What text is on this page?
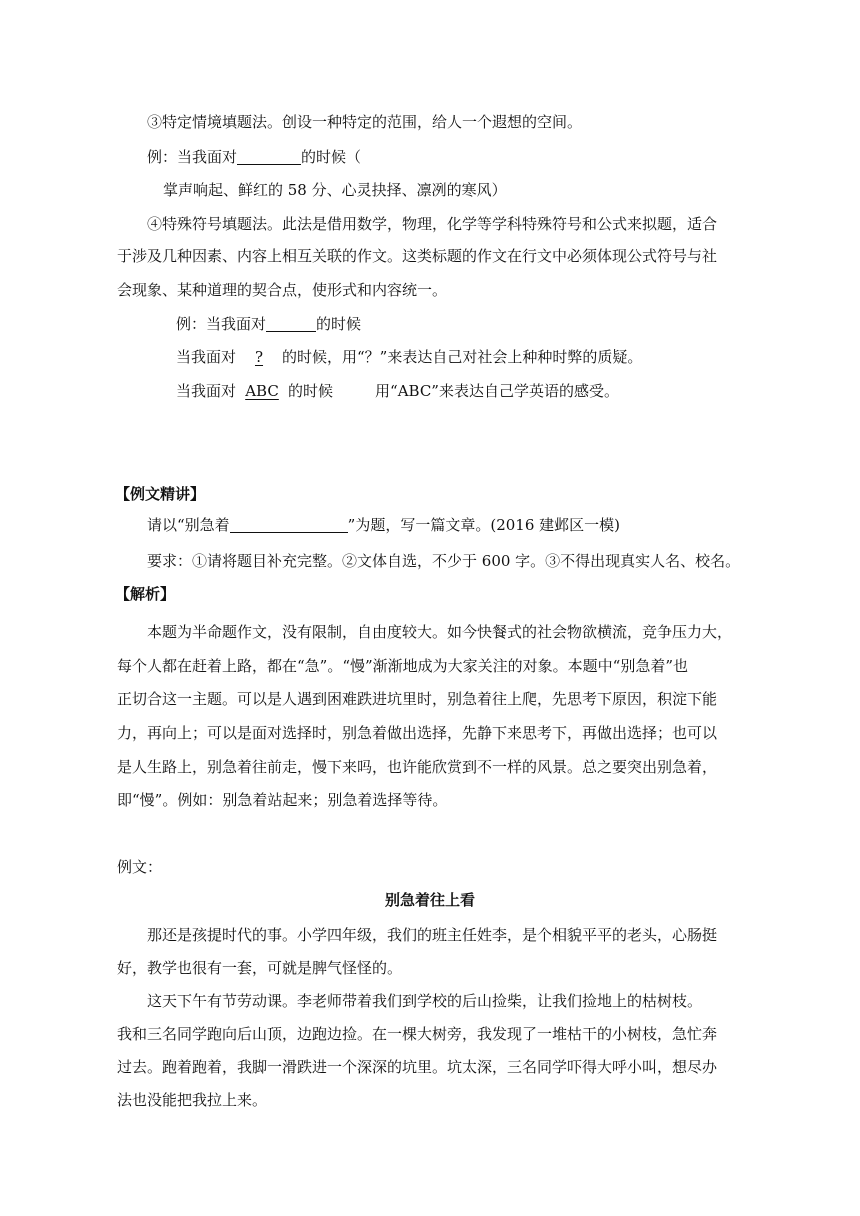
③特定情境填题法。创设一种特定的范围，给人一个遐想的空间。
例：当我面对	的时候（
掌声响起、鲜红的 58 分、心灵抉择、凛冽的寒风）
④特殊符号填题法。此法是借用数学，物理，化学等学科特殊符号和公式来拟题，适合
于涉及几种因素、内容上相互关联的作文。这类标题的作文在行文中必须体现公式符号与社
会现象、某种道理的契合点，使形式和内容统一。
例：当我面对	的时候
当我面对 ? 的时候，用“？”来表达自己对社会上种种时弊的质疑。
当我面对 ABC 的时候	用“ABC”来表达自己学英语的感受。
【例文精讲】
请以“别急着	”为题，写一篇文章。(2016 建邺区一模)
要求：①请将题目补充完整。②文体自选，不少于 600 字。③不得出现真实人名、校名。
【解析】
本题为半命题作文，没有限制，自由度较大。如今快餐式的社会物欲横流，竞争压力大，
每个人都在赶着上路，都在“急”。“慢”渐渐地成为大家关注的对象。本题中“别急着”也
正切合这一主题。可以是人遇到困难跌进坑里时，别急着往上爬，先思考下原因，积淀下能
力，再向上；可以是面对选择时，别急着做出选择，先静下来思考下，再做出选择；也可以
是人生路上，别急着往前走，慢下来吗，也许能欣赏到不一样的风景。总之要突出别急着，
即“慢”。例如：别急着站起来；别急着选择等待。
例文：
别急着往上看
那还是孩提时代的事。小学四年级，我们的班主任姓李，是个相貌平平的老头，心肠挺
好，教学也很有一套，可就是脾气怪怪的。
这天下午有节劳动课。李老师带着我们到学校的后山捡柴，让我们捡地上的枯树枝。
我和三名同学跑向后山顶，边跑边捡。在一棵大树旁，我发现了一堆枯干的小树枝，急忙奔
过去。跑着跑着，我脚一滑跌进一个深深的坑里。坑太深，三名同学吓得大呼小叫，想尽办
法也没能把我拉上来。
